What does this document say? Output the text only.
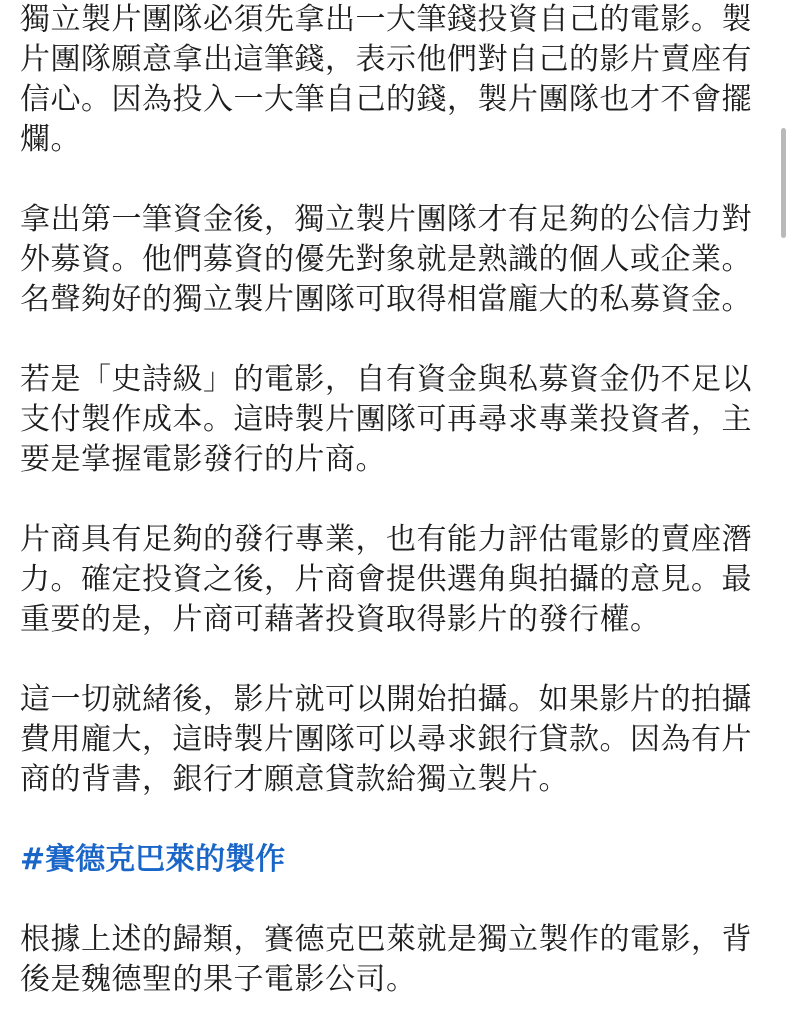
獨立製片團隊必須先拿出一大筆錢投資自己的電影。製片團隊願意拿出這筆錢，表示他們對自己的影片賣座有信心。因為投入一大筆自己的錢，製片團隊也才不會擺爛。

拿出第一筆資金後，獨立製片團隊才有足夠的公信力對外募資。他們募資的優先對象就是熟識的個人或企業。名聲夠好的獨立製片團隊可取得相當龐大的私募資金。

若是「史詩級」的電影，自有資金與私募資金仍不足以支付製作成本。這時製片團隊可再尋求專業投資者，主要是掌握電影發行的片商。

片商具有足夠的發行專業，也有能力評估電影的賣座潛力。確定投資之後，片商會提供選角與拍攝的意見。最重要的是，片商可藉著投資取得影片的發行權。

這一切就緒後，影片就可以開始拍攝。如果影片的拍攝費用龐大，這時製片團隊可以尋求銀行貸款。因為有片商的背書，銀行才願意貸款給獨立製片。

#賽德克巴萊的製作

根據上述的歸類，賽德克巴萊就是獨立製作的電影，背後是魏德聖的果子電影公司。
